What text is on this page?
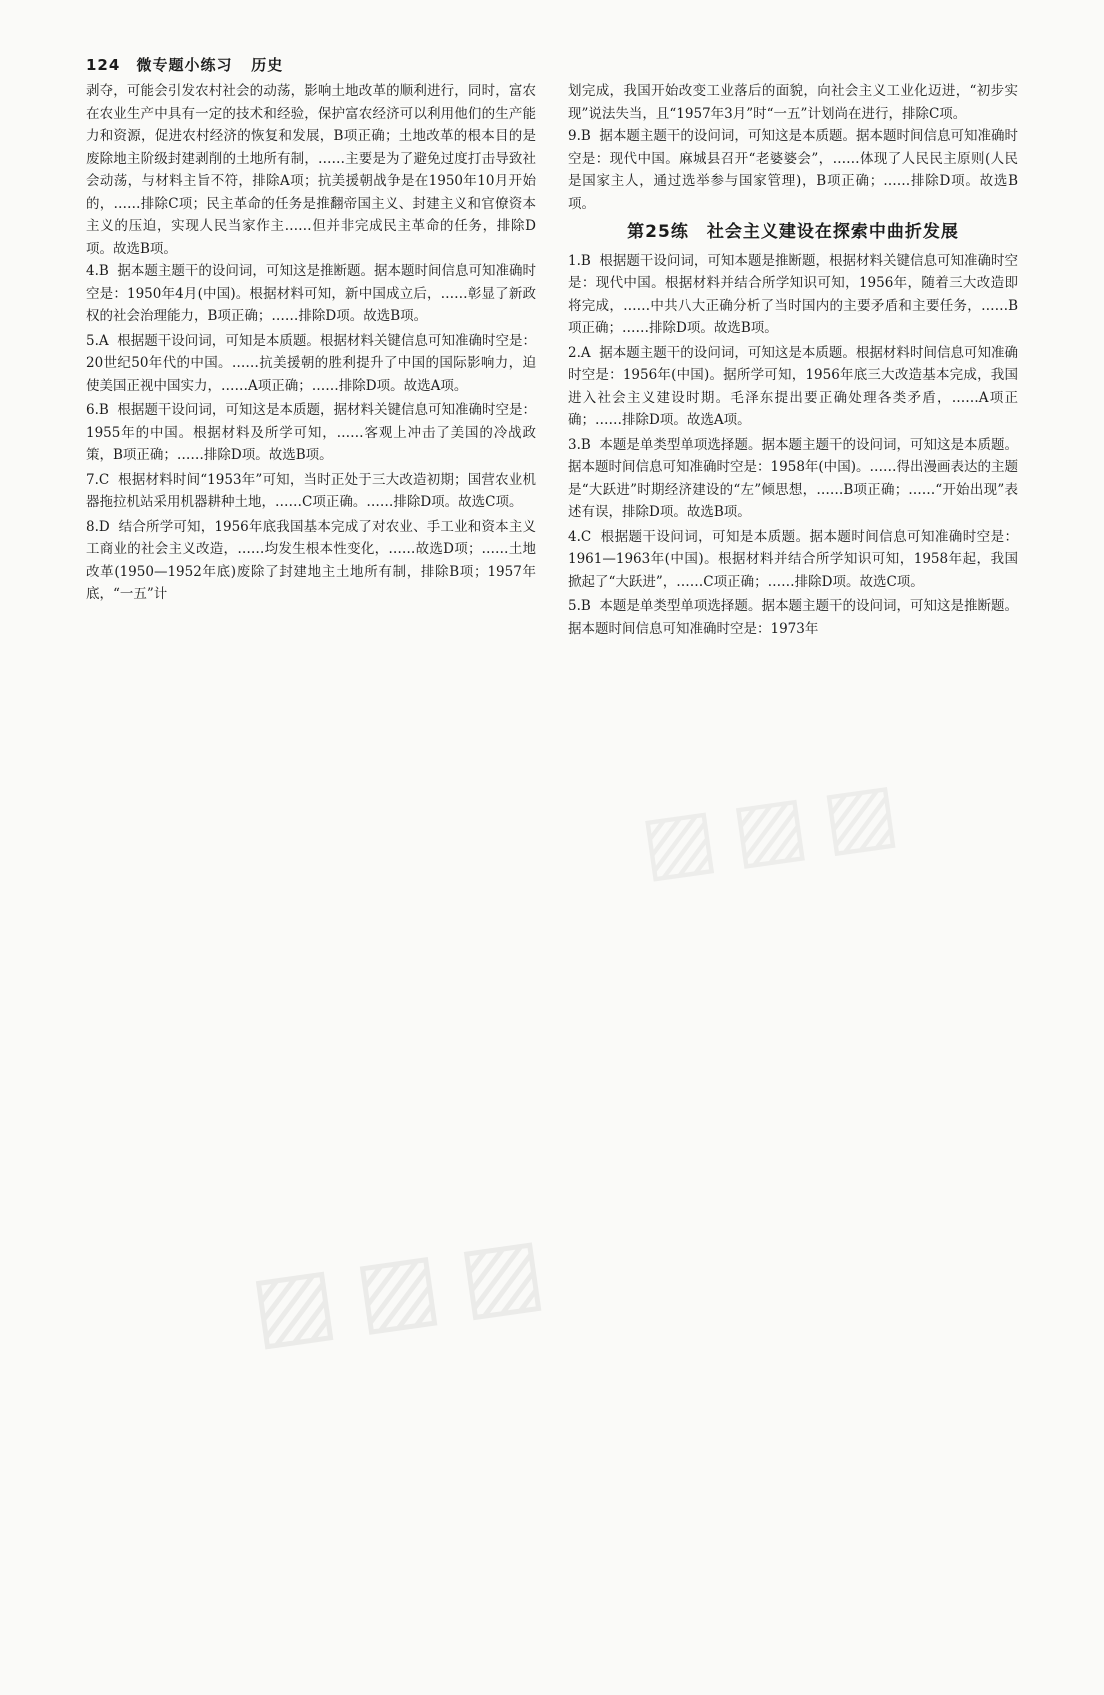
124 微专题小练习 历史

剥夺，可能会引发农村社会的动荡，影响土地改革的顺利进行，同时，富农在农业生产中具有一定的技术和经验，保护富农经济可以利用他们的生产能力和资源，促进农村经济的恢复和发展，B项正确；土地改革的根本目的是废除地主阶级封建剥削的土地所有制，……主要是为了避免过度打击导致社会动荡，与材料主旨不符，排除A项；抗美援朝战争是在1950年10月开始的，……排除C项；民主革命的任务是推翻帝国主义、封建主义和官僚资本主义的压迫，实现人民当家作主……但并非完成民主革命的任务，排除D项。故选B项。

4.B 据本题主题干的设问词，可知这是推断题。据本题时间信息可知准确时空是：1950年4月(中国)。根据材料可知，新中国成立后，……彰显了新政权的社会治理能力，B项正确；……排除D项。故选B项。
5.A 根据题干设问词，可知是本质题。根据材料关键信息可知准确时空是：20世纪50年代的中国。……抗美援朝的胜利提升了中国的国际影响力，迫使美国正视中国实力，……A项正确；……排除D项。故选A项。
6.B 根据题干设问词，可知这是本质题，据材料关键信息可知准确时空是：1955年的中国。根据材料及所学可知，……客观上冲击了美国的冷战政策，B项正确；……排除D项。故选B项。
7.C 根据材料时间“1953年”可知，当时正处于三大改造初期；国营农业机器拖拉机站采用机器耕种土地，……C项正确。……排除D项。故选C项。
8.D 结合所学可知，1956年底我国基本完成了对农业、手工业和资本主义工商业的社会主义改造，……均发生根本性变化，……故选D项；……土地改革(1950—1952年底)废除了封建地主土地所有制，排除B项；1957年底，“一五”计

划完成，我国开始改变工业落后的面貌，向社会主义工业化迈进，“初步实现”说法失当，且“1957年3月”时“一五”计划尚在进行，排除C项。

9.B 据本题主题干的设问词，可知这是本质题。据本题时间信息可知准确时空是：现代中国。麻城县召开“老婆婆会”，……体现了人民民主原则(人民是国家主人，通过选举参与国家管理)，B项正确；……排除D项。故选B项。
第25练　社会主义建设在探索中曲折发展
1.B 根据题干设问词，可知本题是推断题，根据材料关键信息可知准确时空是：现代中国。根据材料并结合所学知识可知，1956年，随着三大改造即将完成，……中共八大正确分析了当时国内的主要矛盾和主要任务，……B项正确；……排除D项。故选B项。
2.A 据本题主题干的设问词，可知这是本质题。根据材料时间信息可知准确时空是：1956年(中国)。据所学可知，1956年底三大改造基本完成，我国进入社会主义建设时期。毛泽东提出要正确处理各类矛盾，……A项正确；……排除D项。故选A项。
3.B 本题是单类型单项选择题。据本题主题干的设问词，可知这是本质题。据本题时间信息可知准确时空是：1958年(中国)。……得出漫画表达的主题是“大跃进”时期经济建设的“左”倾思想，……B项正确；……“开始出现”表述有误，排除D项。故选B项。
4.C 根据题干设问词，可知是本质题。据本题时间信息可知准确时空是：1961—1963年(中国)。根据材料并结合所学知识可知，1958年起，我国掀起了“大跃进”，……C项正确；……排除D项。故选C项。
5.B 本题是单类型单项选择题。据本题主题干的设问词，可知这是推断题。据本题时间信息可知准确时空是：1973年
▨▨▨
▨▨▨
